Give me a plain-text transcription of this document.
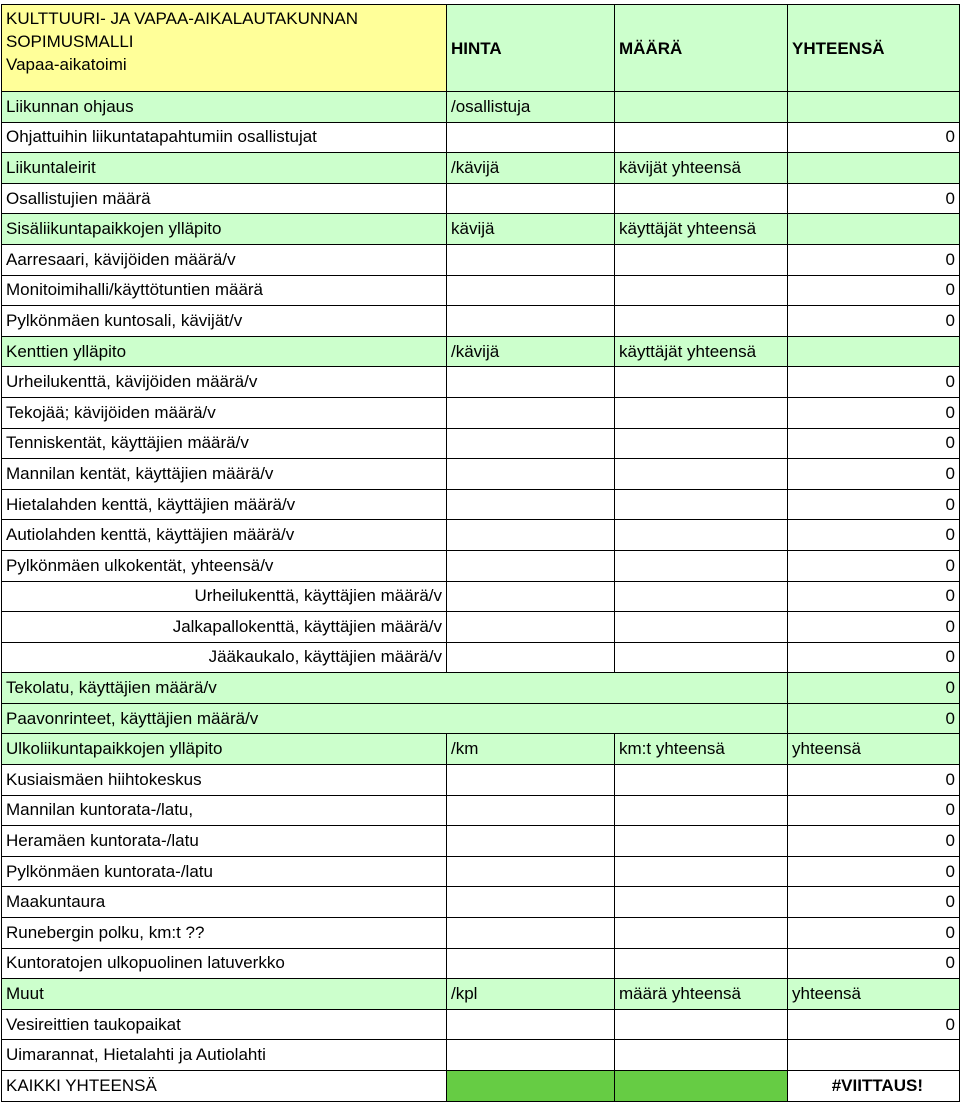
KULTTUURI- JA VAPAA-AIKALAUTAKUNNAN
SOPIMUSMALLI
Vapaa-aikatoimi	HINTA	MÄÄRÄ	YHTEENSÄ
Liikunnan ohjaus	/osallistuja		
Ohjattuihin liikuntatapahtumiin osallistujat			0
Liikuntaleirit	/kävijä	kävijät yhteensä	
Osallistujien määrä			0
Sisäliikuntapaikkojen ylläpito	kävijä	käyttäjät yhteensä	
Aarresaari, kävijöiden määrä/v			0
Monitoimihalli/käyttötuntien määrä			0
Pylkönmäen kuntosali, kävijät/v			0
Kenttien ylläpito	/kävijä	käyttäjät yhteensä	
Urheilukenttä, kävijöiden määrä/v			0
Tekojää; kävijöiden määrä/v			0
Tenniskentät, käyttäjien määrä/v			0
Mannilan kentät, käyttäjien määrä/v			0
Hietalahden kenttä, käyttäjien määrä/v			0
Autiolahden kenttä, käyttäjien määrä/v			0
Pylkönmäen ulkokentät, yhteensä/v			0
Urheilukenttä, käyttäjien määrä/v			0
Jalkapallokenttä, käyttäjien määrä/v			0
Jääkaukalo, käyttäjien määrä/v			0
Tekolatu, käyttäjien määrä/v			0
Paavonrinteet, käyttäjien määrä/v			0
Ulkoliikuntapaikkojen ylläpito	/km	km:t yhteensä	yhteensä
Kusiaismäen hiihtokeskus			0
Mannilan kuntorata-/latu,			0
Heramäen kuntorata-/latu			0
Pylkönmäen kuntorata-/latu			0
Maakuntaura			0
Runebergin polku, km:t ??			0
Kuntoratojen ulkopuolinen latuverkko			0
Muut	/kpl	määrä yhteensä	yhteensä
Vesireittien taukopaikat			0
Uimarannat, Hietalahti ja Autiolahti			
KAIKKI YHTEENSÄ			#VIITTAUS!
